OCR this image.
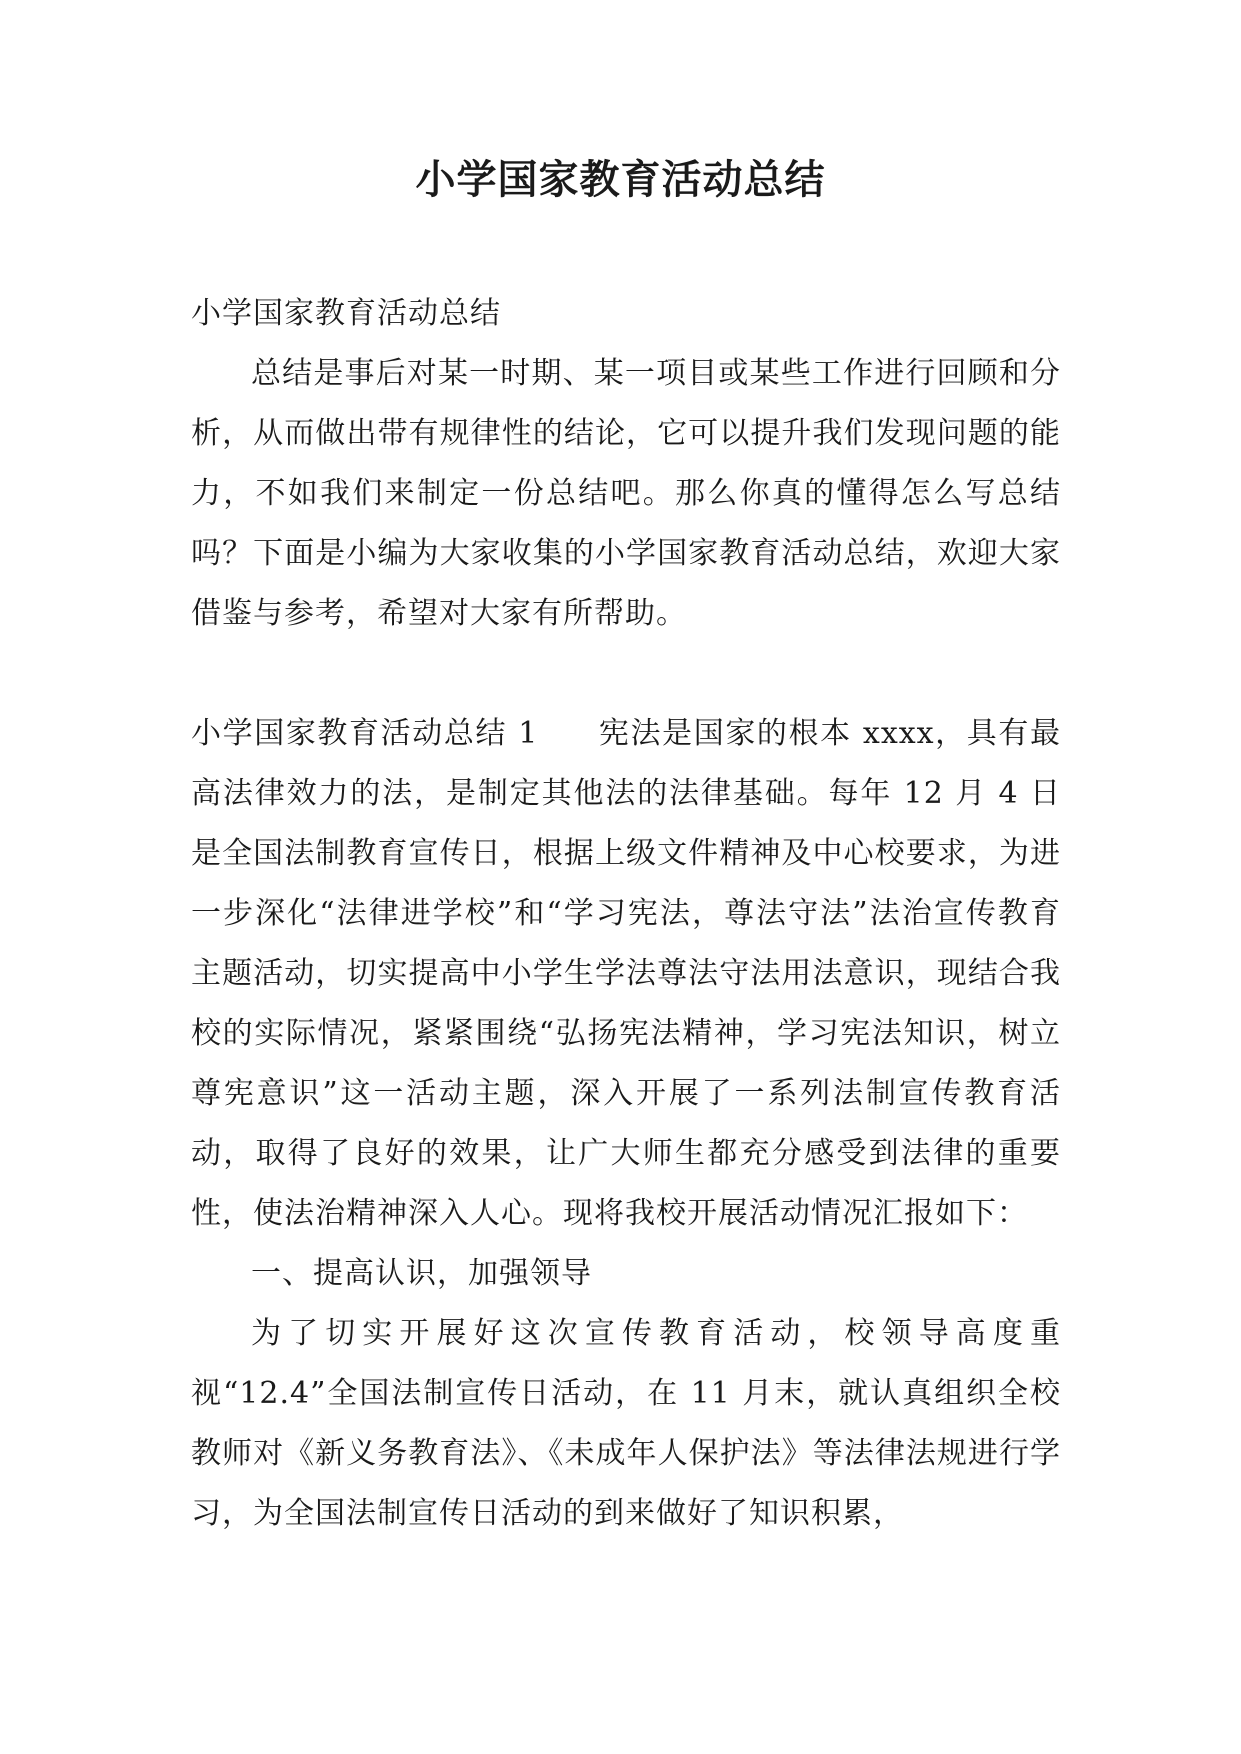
小学国家教育活动总结

小学国家教育活动总结

总结是事后对某一时期、某一项目或某些工作进行回顾和分析，从而做出带有规律性的结论，它可以提升我们发现问题的能力，不如我们来制定一份总结吧。那么你真的懂得怎么写总结吗？下面是小编为大家收集的小学国家教育活动总结，欢迎大家借鉴与参考，希望对大家有所帮助。

小学国家教育活动总结 1 宪法是国家的根本 xxxx，具有最高法律效力的法，是制定其他法的法律基础。每年 12 月 4 日是全国法制教育宣传日，根据上级文件精神及中心校要求，为进一步深化“法律进学校”和“学习宪法，尊法守法”法治宣传教育主题活动，切实提高中小学生学法尊法守法用法意识，现结合我校的实际情况，紧紧围绕“弘扬宪法精神，学习宪法知识，树立尊宪意识”这一活动主题，深入开展了一系列法制宣传教育活动，取得了良好的效果，让广大师生都充分感受到法律的重要性，使法治精神深入人心。现将我校开展活动情况汇报如下：

一、提高认识，加强领导

为了切实开展好这次宣传教育活动，校领导高度重视“12.4”全国法制宣传日活动，在 11 月末，就认真组织全校教师对《新义务教育法》、《未成年人保护法》等法律法规进行学习，为全国法制宣传日活动的到来做好了知识积累，
